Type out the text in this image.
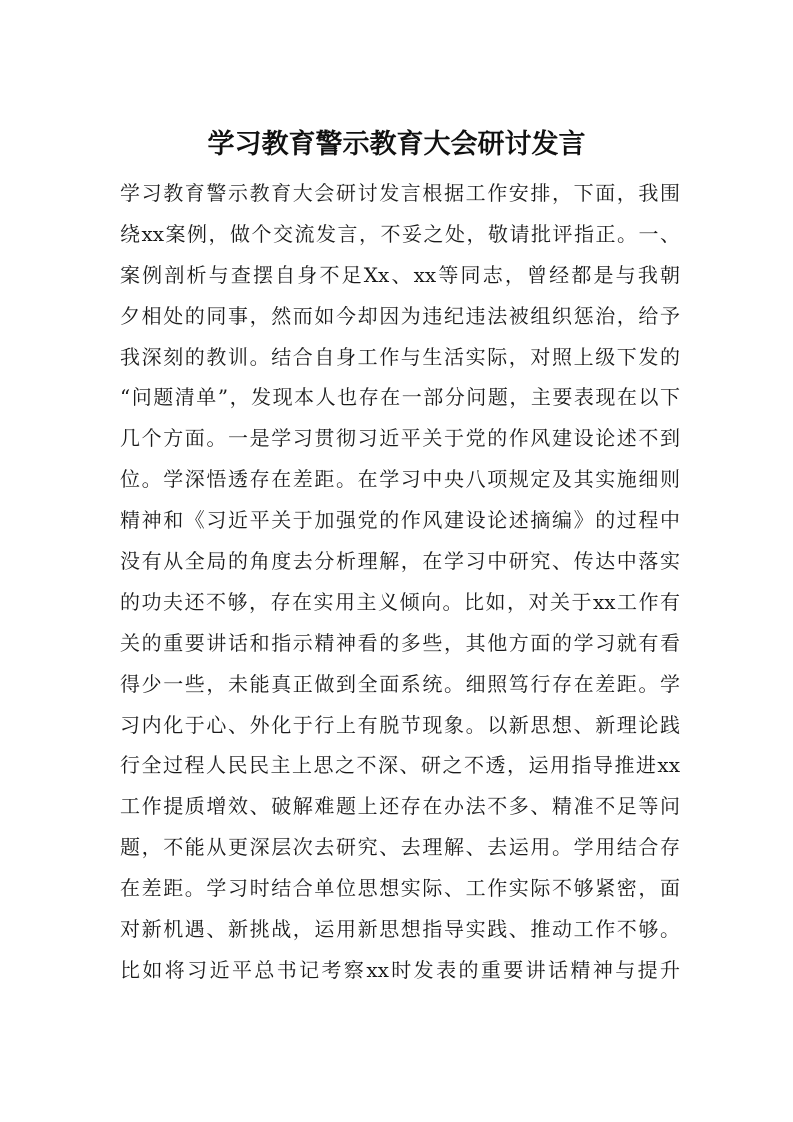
学习教育警示教育大会研讨发言
学习教育警示教育大会研讨发言根据工作安排，下面，我围
绕xx案例，做个交流发言，不妥之处，敬请批评指正。一、
案例剖析与查摆自身不足Xx、xx等同志，曾经都是与我朝
夕相处的同事，然而如今却因为违纪违法被组织惩治，给予
我深刻的教训。结合自身工作与生活实际，对照上级下发的
“问题清单”，发现本人也存在一部分问题，主要表现在以下
几个方面。一是学习贯彻习近平关于党的作风建设论述不到
位。学深悟透存在差距。在学习中央八项规定及其实施细则
精神和《习近平关于加强党的作风建设论述摘编》的过程中
没有从全局的角度去分析理解，在学习中研究、传达中落实
的功夫还不够，存在实用主义倾向。比如，对关于xx工作有
关的重要讲话和指示精神看的多些，其他方面的学习就有看
得少一些，未能真正做到全面系统。细照笃行存在差距。学
习内化于心、外化于行上有脱节现象。以新思想、新理论践
行全过程人民民主上思之不深、研之不透，运用指导推进xx
工作提质增效、破解难题上还存在办法不多、精准不足等问
题，不能从更深层次去研究、去理解、去运用。学用结合存
在差距。学习时结合单位思想实际、工作实际不够紧密，面
对新机遇、新挑战，运用新思想指导实践、推动工作不够。
比如将习近平总书记考察xx时发表的重要讲话精神与提升
